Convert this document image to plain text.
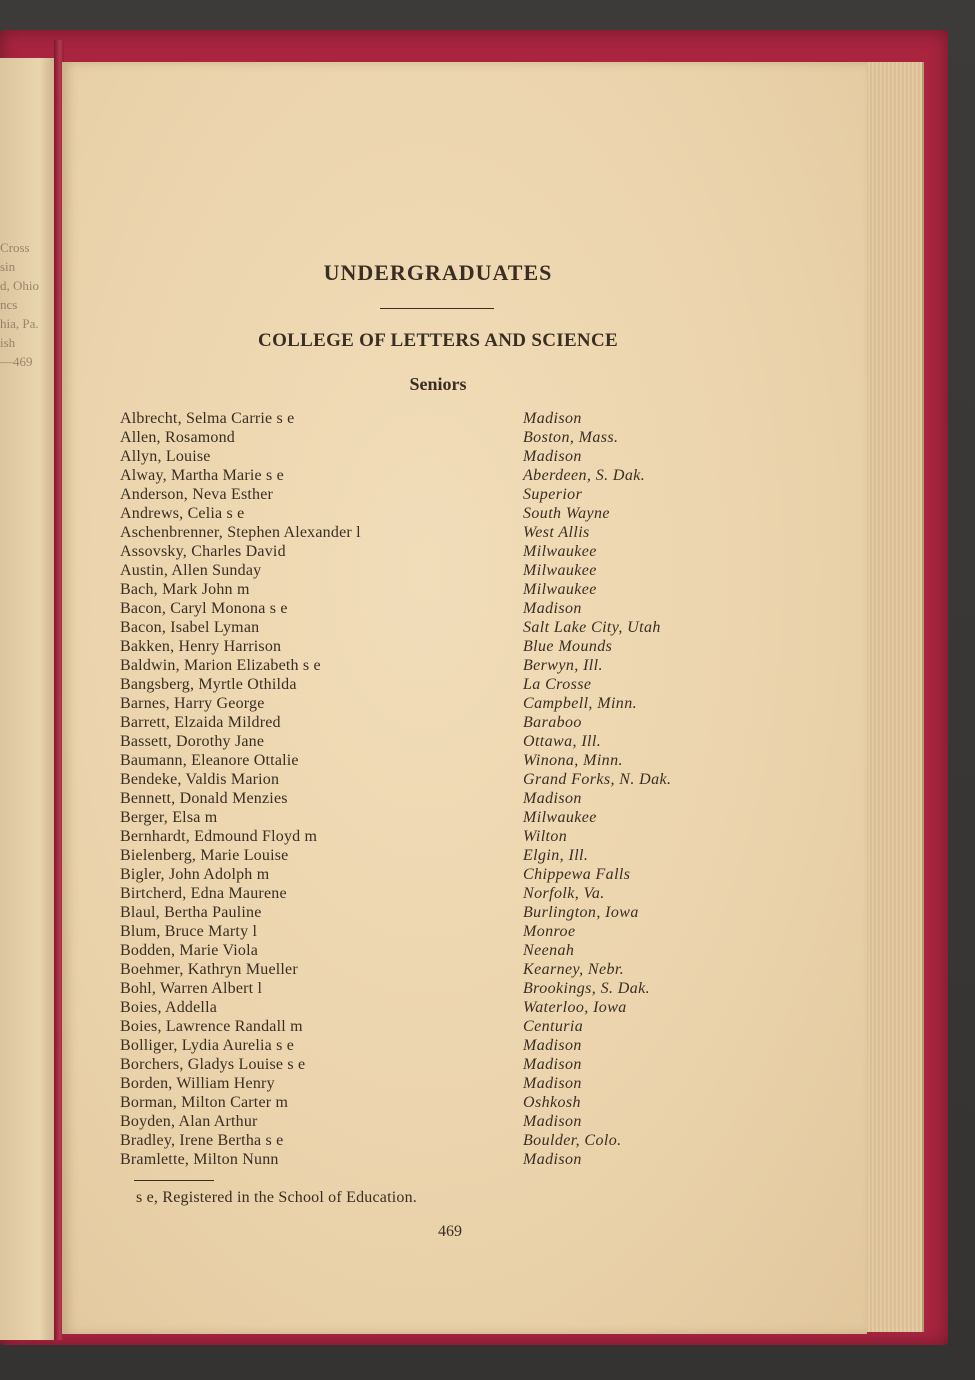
Cross
sin
d, Ohio
ncs
hia, Pa.
ish
—469
UNDERGRADUATES
COLLEGE OF LETTERS AND SCIENCE
Seniors
Albrecht, Selma Carrie s e	Madison
Allen, Rosamond	Boston, Mass.
Allyn, Louise	Madison
Alway, Martha Marie s e	Aberdeen, S. Dak.
Anderson, Neva Esther	Superior
Andrews, Celia s e	South Wayne
Aschenbrenner, Stephen Alexander l	West Allis
Assovsky, Charles David	Milwaukee
Austin, Allen Sunday	Milwaukee
Bach, Mark John m	Milwaukee
Bacon, Caryl Monona s e	Madison
Bacon, Isabel Lyman	Salt Lake City, Utah
Bakken, Henry Harrison	Blue Mounds
Baldwin, Marion Elizabeth s e	Berwyn, Ill.
Bangsberg, Myrtle Othilda	La Crosse
Barnes, Harry George	Campbell, Minn.
Barrett, Elzaida Mildred	Baraboo
Bassett, Dorothy Jane	Ottawa, Ill.
Baumann, Eleanore Ottalie	Winona, Minn.
Bendeke, Valdis Marion	Grand Forks, N. Dak.
Bennett, Donald Menzies	Madison
Berger, Elsa m	Milwaukee
Bernhardt, Edmound Floyd m	Wilton
Bielenberg, Marie Louise	Elgin, Ill.
Bigler, John Adolph m	Chippewa Falls
Birtcherd, Edna Maurene	Norfolk, Va.
Blaul, Bertha Pauline	Burlington, Iowa
Blum, Bruce Marty l	Monroe
Bodden, Marie Viola	Neenah
Boehmer, Kathryn Mueller	Kearney, Nebr.
Bohl, Warren Albert l	Brookings, S. Dak.
Boies, Addella	Waterloo, Iowa
Boies, Lawrence Randall m	Centuria
Bolliger, Lydia Aurelia s e	Madison
Borchers, Gladys Louise s e	Madison
Borden, William Henry	Madison
Borman, Milton Carter m	Oshkosh
Boyden, Alan Arthur	Madison
Bradley, Irene Bertha s e	Boulder, Colo.
Bramlette, Milton Nunn	Madison
s e, Registered in the School of Education.
469
